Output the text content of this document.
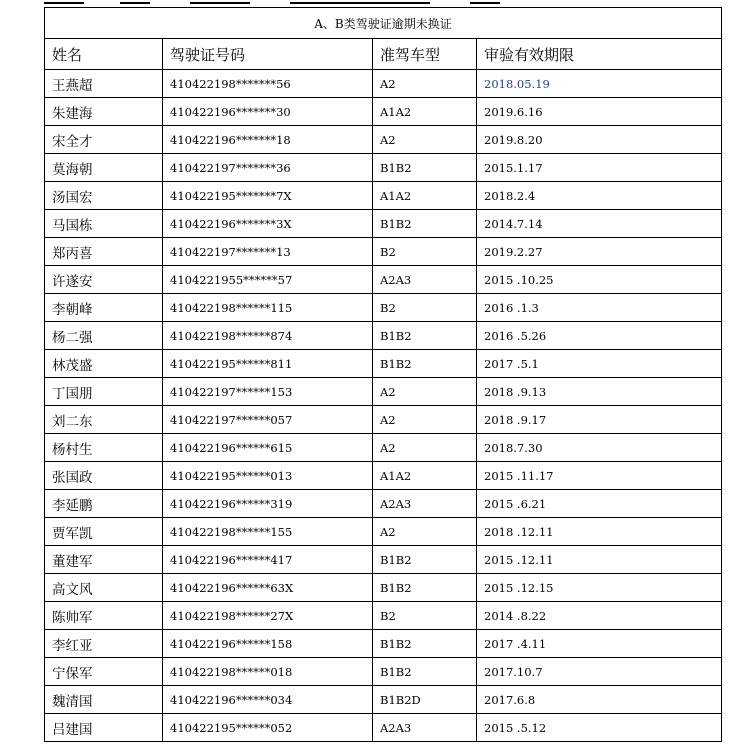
A、B类驾驶证逾期未换证			
姓名	驾驶证号码	准驾车型	审验有效期限
王燕超	410422198*******56	A2	2018.05.19
朱建海	410422196*******30	A1A2	2019.6.16
宋全才	410422196*******18	A2	2019.8.20
莫海朝	410422197*******36	B1B2	2015.1.17
汤国宏	410422195*******7X	A1A2	2018.2.4
马国栋	410422196*******3X	B1B2	2014.7.14
郑丙喜	410422197*******13	B2	2019.2.27
许遂安	4104221955******57	A2A3	2015 .10.25
李朝峰	410422198******115	B2	2016 .1.3
杨二强	410422198******874	B1B2	2016 .5.26
林茂盛	410422195******811	B1B2	2017 .5.1
丁国朋	410422197******153	A2	2018 .9.13
刘二东	410422197******057	A2	2018 .9.17
杨村生	410422196******615	A2	2018.7.30
张国政	410422195******013	A1A2	2015 .11.17
李延鹏	410422196******319	A2A3	2015 .6.21
贾军凯	410422198******155	A2	2018 .12.11
董建军	410422196******417	B1B2	2015 .12.11
高文风	410422196******63X	B1B2	2015 .12.15
陈帅军	410422198******27X	B2	2014 .8.22
李红亚	410422196******158	B1B2	2017 .4.11
宁保军	410422198******018	B1B2	2017.10.7
魏清国	410422196******034	B1B2D	2017.6.8
吕建国	410422195******052	A2A3	2015 .5.12
